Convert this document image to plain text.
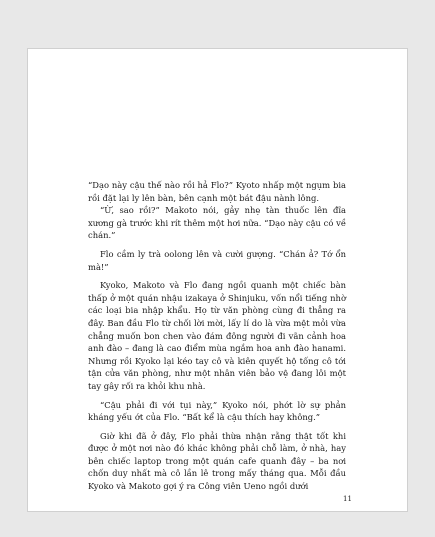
“Dạo này cậu thế nào rồi hả Flo?” Kyoto nhấp một ngụm bia rồi đặt lại ly lên bàn, bên cạnh một bát đậu nành lông.

“Ừ, sao rồi?” Makoto nói, gảy nhẹ tàn thuốc lên đĩa xương gà trước khi rít thêm một hơi nữa. “Dạo này cậu có về chán.”

Flo cầm ly trà oolong lên và cười gượng. “Chán ả? Tớ ổn mà!”

Kyoko, Makoto và Flo đang ngồi quanh một chiếc bàn thấp ở một quán nhậu izakaya ở Shinjuku, vốn nổi tiếng nhờ các loại bia nhập khẩu. Họ từ văn phòng cùng đi thẳng ra đây. Ban đầu Flo từ chối lời mời, lấy lí do là vừa mệt mỏi vừa chẳng muốn bon chen vào đám đông người đi vãn cảnh hoa anh đào – đang là cao điểm mùa ngắm hoa anh đào hanami. Nhưng rồi Kyoko lại kéo tay cô và kiên quyết hộ tống cô tới tận cửa văn phòng, như một nhân viên bảo vệ đang lôi một tay gây rối ra khỏi khu nhà.

“Cậu phải đi với tụi này,” Kyoko nói, phớt lờ sự phản kháng yếu ớt của Flo. “Bất kể là cậu thích hay không.”

Giờ khi đã ở đây, Flo phải thừa nhận rằng thật tốt khi được ở một nơi nào đó khác không phải chỗ làm, ở nhà, hay bên chiếc laptop trong một quán cafe quanh đây – ba nơi chốn duy nhất mà cô lần lê trong mấy tháng qua. Mỗi đầu Kyoko và Makoto gợi ý ra Công viên Ueno ngồi dưới

11
